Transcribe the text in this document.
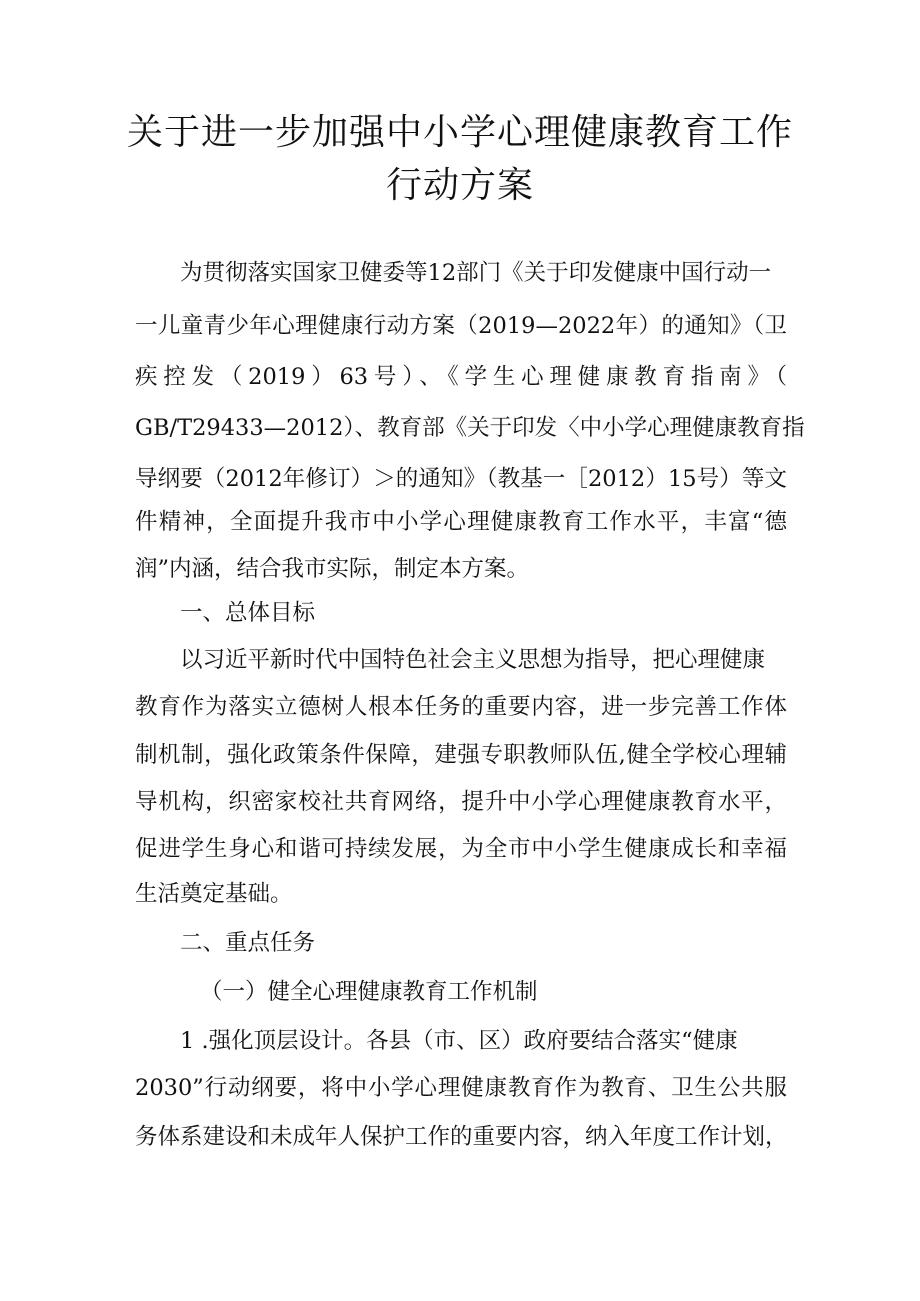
关于进一步加强中小学心理健康教育工作
行动方案
为贯彻落实国家卫健委等12部门《关于印发健康中国行动一
一儿童青少年心理健康行动方案（2019—2022年）的通知》（卫
疾控发（2019）63号）、《学生心理健康教育指南》（
GB/T29433—2012）、教育部《关于印发〈中小学心理健康教育指
导纲要（2012年修订）＞的通知》（教基一［2012）15号）等文
件精神，全面提升我市中小学心理健康教育工作水平，丰富“德
润”内涵，结合我市实际，制定本方案。
一、总体目标
以习近平新时代中国特色社会主义思想为指导，把心理健康
教育作为落实立德树人根本任务的重要内容，进一步完善工作体
制机制，强化政策条件保障，建强专职教师队伍,健全学校心理辅
导机构，织密家校社共育网络，提升中小学心理健康教育水平，
促进学生身心和谐可持续发展，为全市中小学生健康成长和幸福
生活奠定基础。
二、重点任务
（一）健全心理健康教育工作机制
1 .强化顶层设计。各县（市、区）政府要结合落实“健康
2030”行动纲要，将中小学心理健康教育作为教育、卫生公共服
务体系建设和未成年人保护工作的重要内容，纳入年度工作计划，
